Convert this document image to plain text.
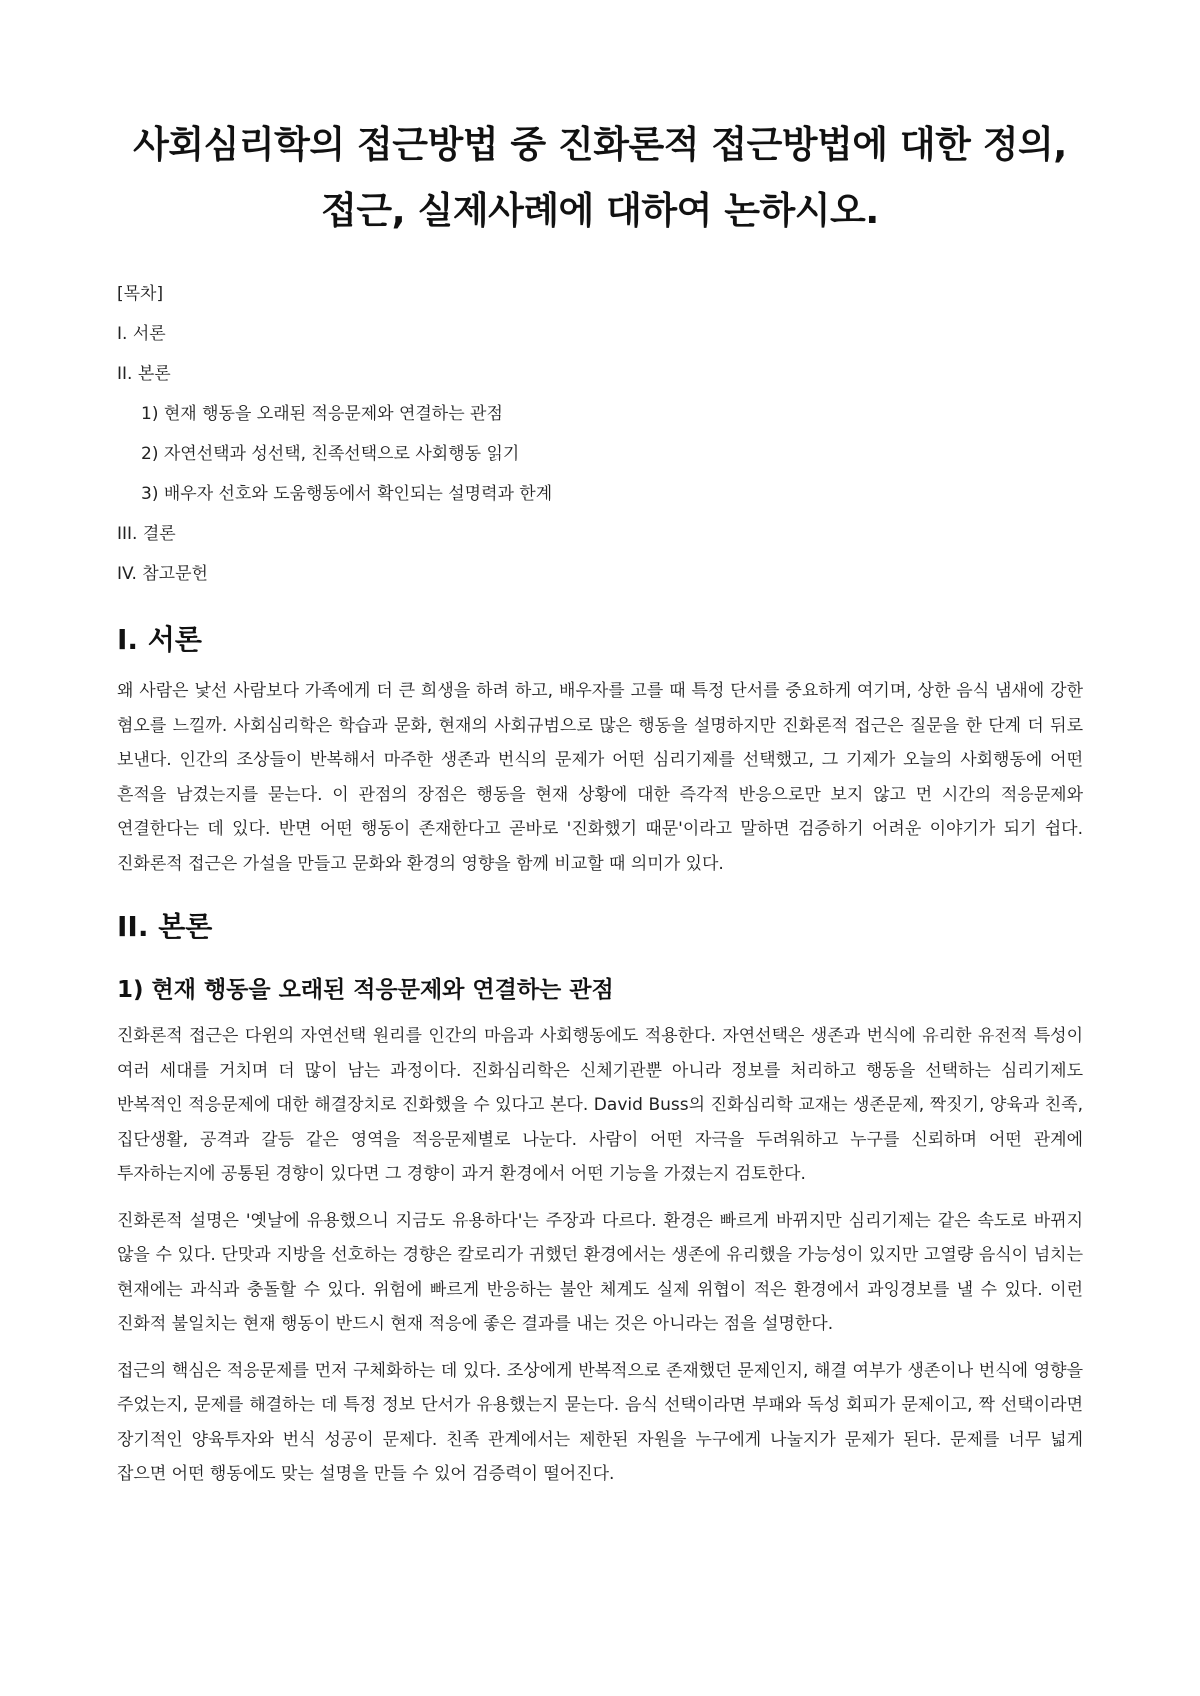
사회심리학의 접근방법 중 진화론적 접근방법에 대한 정의, 접근, 실제사례에 대하여 논하시오.
[목차]
I. 서론
II. 본론
1) 현재 행동을 오래된 적응문제와 연결하는 관점
2) 자연선택과 성선택, 친족선택으로 사회행동 읽기
3) 배우자 선호와 도움행동에서 확인되는 설명력과 한계
III. 결론
IV. 참고문헌
I. 서론

왜 사람은 낯선 사람보다 가족에게 더 큰 희생을 하려 하고, 배우자를 고를 때 특정 단서를 중요하게 여기며, 상한 음식 냄새에 강한 혐오를 느낄까. 사회심리학은 학습과 문화, 현재의 사회규범으로 많은 행동을 설명하지만 진화론적 접근은 질문을 한 단계 더 뒤로 보낸다. 인간의 조상들이 반복해서 마주한 생존과 번식의 문제가 어떤 심리기제를 선택했고, 그 기제가 오늘의 사회행동에 어떤 흔적을 남겼는지를 묻는다. 이 관점의 장점은 행동을 현재 상황에 대한 즉각적 반응으로만 보지 않고 먼 시간의 적응문제와 연결한다는 데 있다. 반면 어떤 행동이 존재한다고 곧바로 '진화했기 때문'이라고 말하면 검증하기 어려운 이야기가 되기 쉽다. 진화론적 접근은 가설을 만들고 문화와 환경의 영향을 함께 비교할 때 의미가 있다.

II. 본론
1) 현재 행동을 오래된 적응문제와 연결하는 관점

진화론적 접근은 다윈의 자연선택 원리를 인간의 마음과 사회행동에도 적용한다. 자연선택은 생존과 번식에 유리한 유전적 특성이 여러 세대를 거치며 더 많이 남는 과정이다. 진화심리학은 신체기관뿐 아니라 정보를 처리하고 행동을 선택하는 심리기제도 반복적인 적응문제에 대한 해결장치로 진화했을 수 있다고 본다. David Buss의 진화심리학 교재는 생존문제, 짝짓기, 양육과 친족, 집단생활, 공격과 갈등 같은 영역을 적응문제별로 나눈다. 사람이 어떤 자극을 두려워하고 누구를 신뢰하며 어떤 관계에 투자하는지에 공통된 경향이 있다면 그 경향이 과거 환경에서 어떤 기능을 가졌는지 검토한다.

진화론적 설명은 '옛날에 유용했으니 지금도 유용하다'는 주장과 다르다. 환경은 빠르게 바뀌지만 심리기제는 같은 속도로 바뀌지 않을 수 있다. 단맛과 지방을 선호하는 경향은 칼로리가 귀했던 환경에서는 생존에 유리했을 가능성이 있지만 고열량 음식이 넘치는 현재에는 과식과 충돌할 수 있다. 위험에 빠르게 반응하는 불안 체계도 실제 위협이 적은 환경에서 과잉경보를 낼 수 있다. 이런 진화적 불일치는 현재 행동이 반드시 현재 적응에 좋은 결과를 내는 것은 아니라는 점을 설명한다.

접근의 핵심은 적응문제를 먼저 구체화하는 데 있다. 조상에게 반복적으로 존재했던 문제인지, 해결 여부가 생존이나 번식에 영향을 주었는지, 문제를 해결하는 데 특정 정보 단서가 유용했는지 묻는다. 음식 선택이라면 부패와 독성 회피가 문제이고, 짝 선택이라면 장기적인 양육투자와 번식 성공이 문제다. 친족 관계에서는 제한된 자원을 누구에게 나눌지가 문제가 된다. 문제를 너무 넓게 잡으면 어떤 행동에도 맞는 설명을 만들 수 있어 검증력이 떨어진다.
